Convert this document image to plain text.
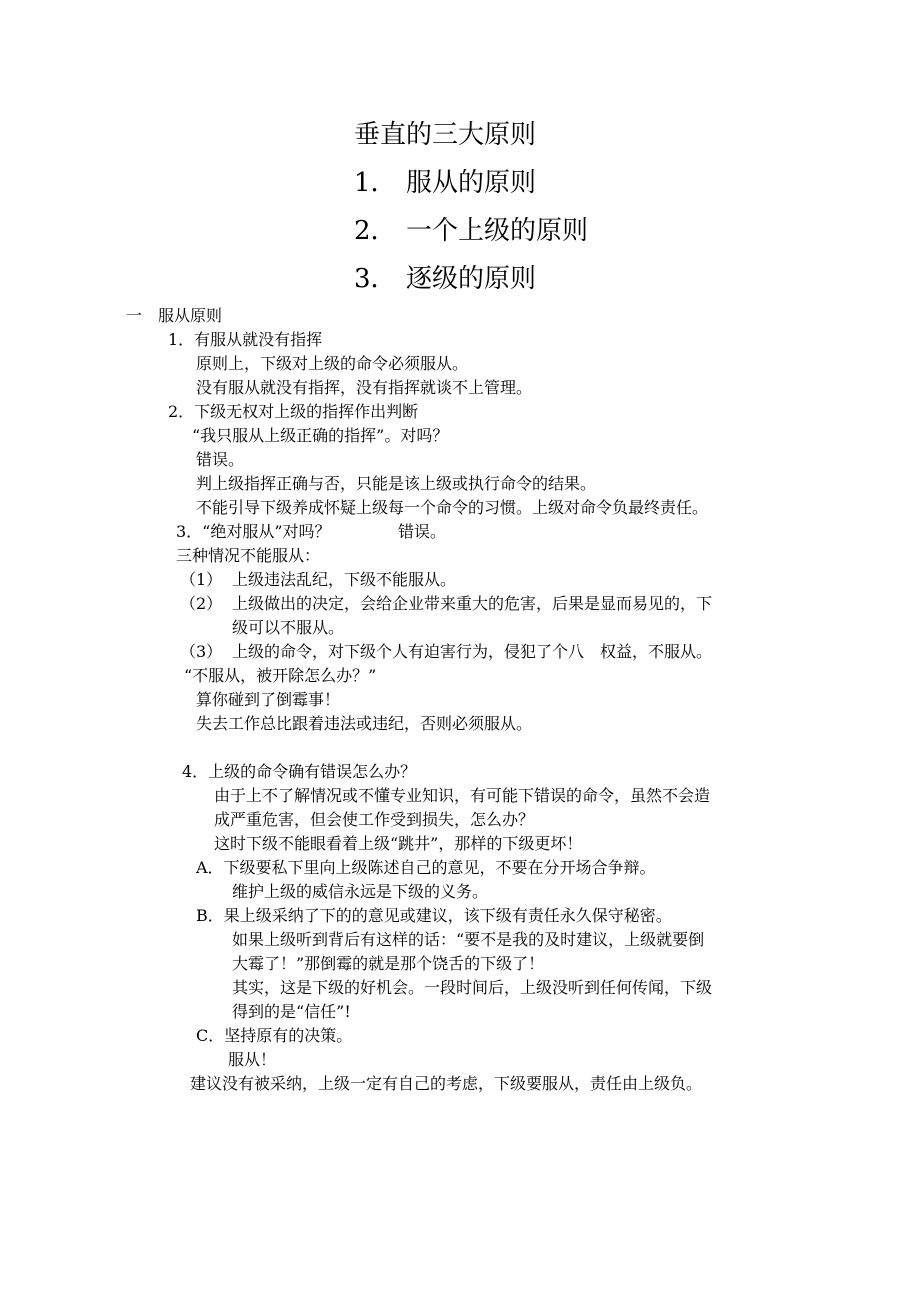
垂直的三大原则
1． 服从的原则
2． 一个上级的原则
3． 逐级的原则
一　服从原则
1．有服从就没有指挥
原则上，下级对上级的命令必须服从。
没有服从就没有指挥，没有指挥就谈不上管理。
2．下级无权对上级的指挥作出判断
“我只服从上级正确的指挥”。对吗？
错误。
判上级指挥正确与否，只能是该上级或执行命令的结果。
不能引导下级养成怀疑上级每一个命令的习惯。上级对命令负最终责任。
3．“绝对服从”对吗？	错误。
三种情况不能服从：
（1） 上级违法乱纪，下级不能服从。
（2） 上级做出的决定，会给企业带来重大的危害，后果是显而易见的，下
级可以不服从。
（3） 上级的命令，对下级个人有迫害行为，侵犯了个八　权益，不服从。
“不服从，被开除怎么办？”
算你碰到了倒霉事！
失去工作总比跟着违法或违纪，否则必须服从。
4．上级的命令确有错误怎么办？
由于上不了解情况或不懂专业知识，有可能下错误的命令，虽然不会造
成严重危害，但会使工作受到损失，怎么办？
这时下级不能眼看着上级“跳井”，那样的下级更坏！
A．下级要私下里向上级陈述自己的意见，不要在分开场合争辩。
维护上级的威信永远是下级的义务。
B．果上级采纳了下的的意见或建议，该下级有责任永久保守秘密。
如果上级听到背后有这样的话：“要不是我的及时建议，上级就要倒
大霉了！”那倒霉的就是那个饶舌的下级了！
其实，这是下级的好机会。一段时间后，上级没听到任何传闻，下级
得到的是“信任”!
C．坚持原有的决策。
服从！
建议没有被采纳，上级一定有自己的考虑，下级要服从，责任由上级负。
